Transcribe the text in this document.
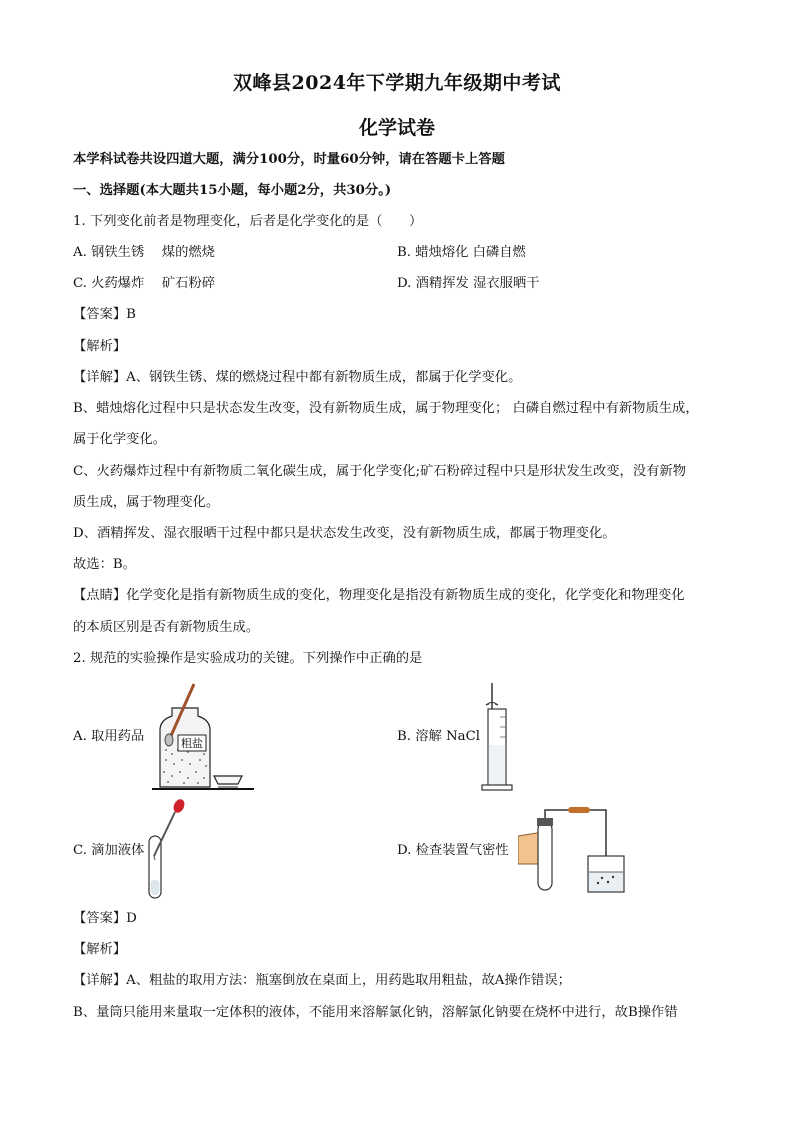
双峰县2024年下学期九年级期中考试
化学试卷
本学科试卷共设四道大题，满分100分，时量60分钟，请在答题卡上答题
一、选择题(本大题共15小题，每小题2分，共30分。)
1. 下列变化前者是物理变化，后者是化学变化的是（　　）
A. 钢铁生锈　 煤的燃烧	B. 蜡烛熔化 白磷自燃
C. 火药爆炸　 矿石粉碎	D. 酒精挥发 湿衣服晒干
【答案】B
【解析】
【详解】A、钢铁生锈、煤的燃烧过程中都有新物质生成，都属于化学变化。
B、蜡烛熔化过程中只是状态发生改变，没有新物质生成，属于物理变化； 白磷自燃过程中有新物质生成，
属于化学变化。
C、火药爆炸过程中有新物质二氧化碳生成，属于化学变化;矿石粉碎过程中只是形状发生改变，没有新物
质生成，属于物理变化。
D、酒精挥发、湿衣服晒干过程中都只是状态发生改变，没有新物质生成，都属于物理变化。
故选：B。
【点睛】化学变化是指有新物质生成的变化，物理变化是指没有新物质生成的变化，化学变化和物理变化
的本质区别是否有新物质生成。
2. 规范的实验操作是实验成功的关键。下列操作中正确的是
A. 取用药品	B. 溶解 NaCl
C. 滴加液体	D. 检查装置气密性
粗盐
【答案】D
【解析】
【详解】A、粗盐的取用方法：瓶塞倒放在桌面上，用药匙取用粗盐，故A操作错误；
B、量筒只能用来量取一定体积的液体，不能用来溶解氯化钠，溶解氯化钠要在烧杯中进行，故B操作错
